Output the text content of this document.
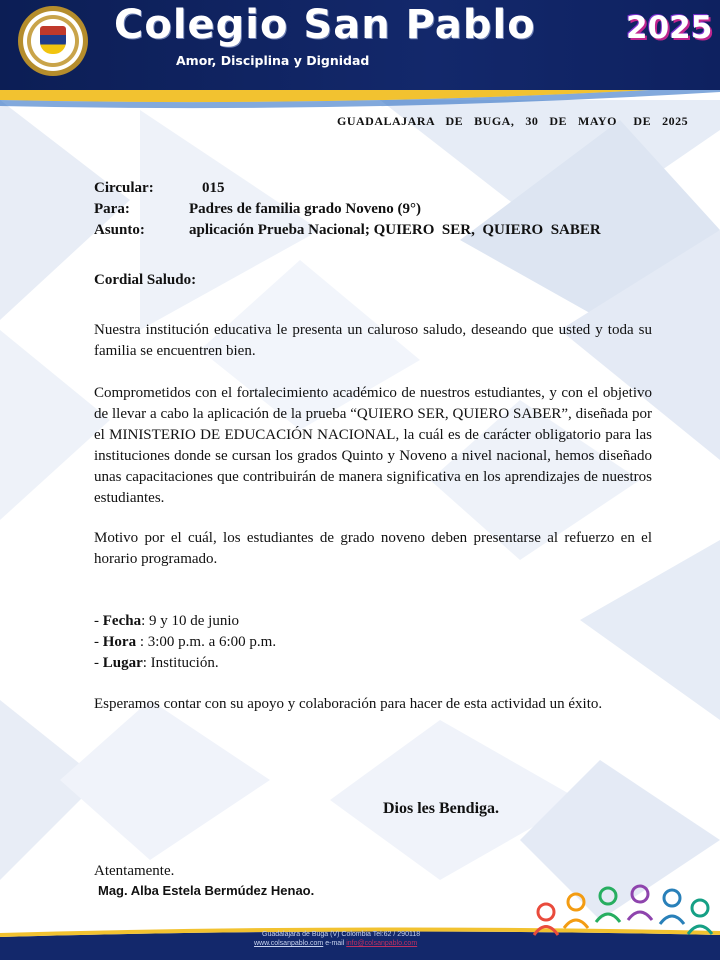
Colegio San Pablo
Amor, Disciplina y Dignidad
2025
GUADALAJARA  DE  BUGA,  30  DE  MAYO   DE  2025
Circular:	015
Para:	Padres de familia grado Noveno (9°)
Asunto:	aplicación Prueba Nacional; QUIERO  SER,  QUIERO  SABER
Cordial Saludo:
Nuestra institución educativa le presenta un caluroso saludo, deseando que usted y toda su familia se encuentren bien.
Comprometidos con el fortalecimiento académico de nuestros estudiantes, y con el objetivo de llevar a cabo la aplicación de la prueba “QUIERO SER, QUIERO SABER”, diseñada por el MINISTERIO DE EDUCACIÓN NACIONAL, la cuál es de carácter obligatorio para las instituciones donde se cursan los grados Quinto y Noveno a nivel nacional, hemos diseñado unas capacitaciones que contribuirán de manera significativa en los aprendizajes de nuestros estudiantes.
Motivo por el cuál, los estudiantes de grado noveno deben presentarse al refuerzo en el horario programado.
- Fecha: 9 y 10 de junio
- Hora : 3:00 p.m. a 6:00 p.m.
- Lugar: Institución.
Esperamos contar con su apoyo y colaboración para hacer de esta actividad un éxito.
Dios les Bendiga.
Atentamente.
Mag. Alba Estela Bermúdez Henao.
Guadalajara de Buga (V) Colombia Tel:62 / 290118
www.colsanpablo.com e-mail info@colsanpablo.com
